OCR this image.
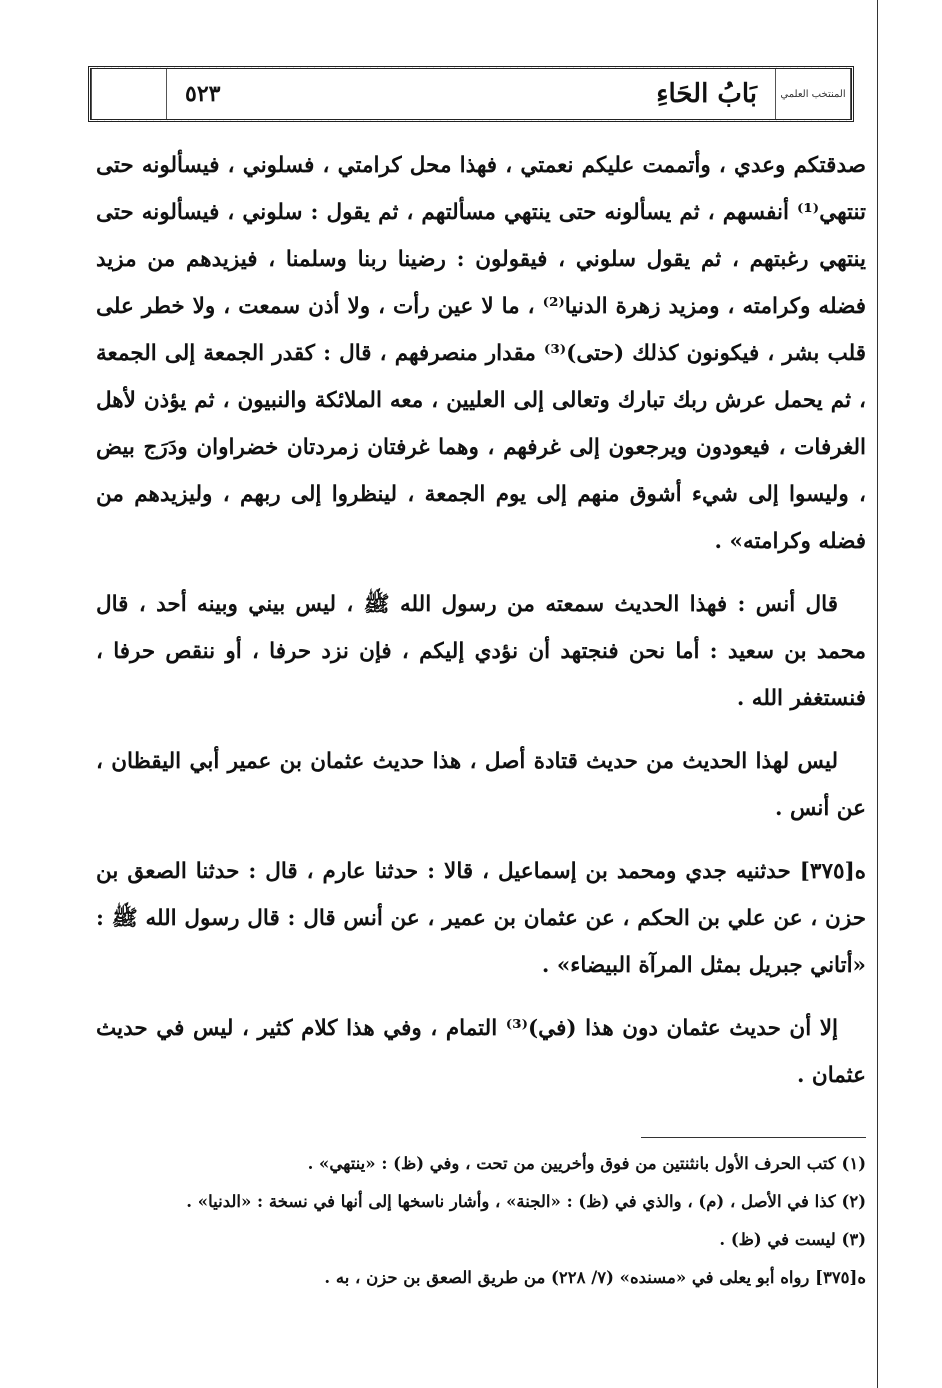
المنتخب العلمي
بَابُ الحَاءِ
٥٢٣

صدقتكم وعدي ، وأتممت عليكم نعمتي ، فهذا محل كرامتي ، فسلوني ، فيسألونه حتى تنتهي⁽¹⁾ أنفسهم ، ثم يسألونه حتى ينتهي مسألتهم ، ثم يقول : سلوني ، فيسألونه حتى ينتهي رغبتهم ، ثم يقول سلوني ، فيقولون : رضينا ربنا وسلمنا ، فيزيدهم من مزيد فضله وكرامته ، ومزيد زهرة الدنيا⁽²⁾ ، ما لا عين رأت ، ولا أذن سمعت ، ولا خطر على قلب بشر ، فيكونون كذلك (حتى)⁽³⁾ مقدار منصرفهم ، قال : كقدر الجمعة إلى الجمعة ، ثم يحمل عرش ربك تبارك وتعالى إلى العليين ، معه الملائكة والنبيون ، ثم يؤذن لأهل الغرفات ، فيعودون ويرجعون إلى غرفهم ، وهما غرفتان زمردتان خضراوان ودَرَج بيض ، وليسوا إلى شيء أشوق منهم إلى يوم الجمعة ، لينظروا إلى ربهم ، وليزيدهم من فضله وكرامته» .

قال أنس : فهذا الحديث سمعته من رسول الله ﷺ ، ليس بيني وبينه أحد ، قال محمد بن سعيد : أما نحن فنجتهد أن نؤدي إليكم ، فإن نزد حرفا ، أو ننقص حرفا ، فنستغفر الله .

ليس لهذا الحديث من حديث قتادة أصل ، هذا حديث عثمان بن عمير أبي اليقظان ، عن أنس .

ه[٣٧٥] حدثنيه جدي ومحمد بن إسماعيل ، قالا : حدثنا عارم ، قال : حدثنا الصعق بن حزن ، عن علي بن الحكم ، عن عثمان بن عمير ، عن أنس قال : قال رسول الله ﷺ : «أتاني جبريل بمثل المرآة البيضاء» .

إلا أن حديث عثمان دون هذا (في)⁽³⁾ التمام ، وفي هذا كلام كثير ، ليس في حديث عثمان .

(١) كتب الحرف الأول بانثنتين من فوق وأخريين من تحت ، وفي (ظ) : «ينتهي» .
(٢) كذا في الأصل ، (م) ، والذي في (ظ) : «الجنة» ، وأشار ناسخها إلى أنها في نسخة : «الدنيا» .
(٣) ليست في (ظ) .
ه[٣٧٥] رواه أبو يعلى في «مسنده» (٧/ ٢٢٨) من طريق الصعق بن حزن ، به .
